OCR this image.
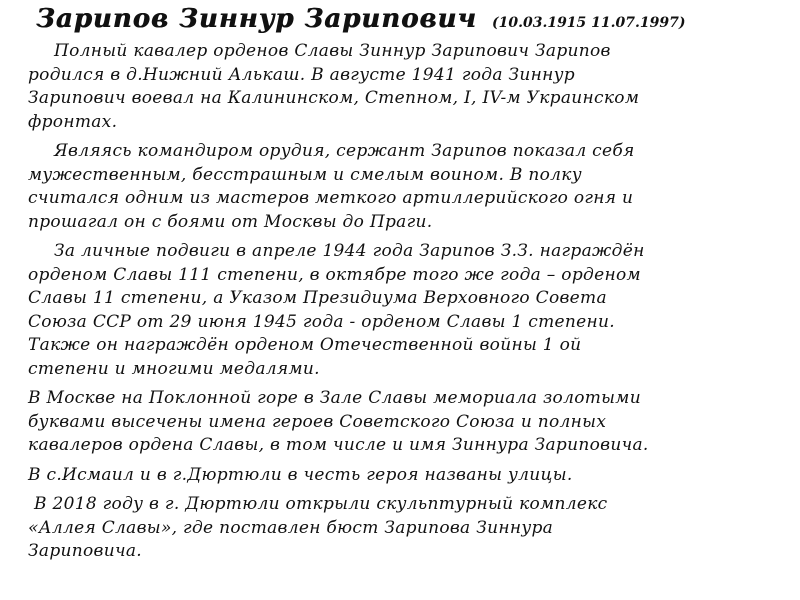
Зарипов Зиннур Зарипович (10.03.1915 11.07.1997)
Полный кавалер орденов Славы Зиннур Зарипович Зарипов
родился в д.Нижний Алькаш. В августе 1941 года Зиннур
Зарипович воевал на Калининском, Степном, I, IV-м Украинском
фронтах.
Являясь командиром орудия, сержант Зарипов показал себя
мужественным, бесстрашным и смелым воином. В полку
считался одним из мастеров меткого артиллерийского огня и
прошагал он с боями от Москвы до Праги.
За личные подвиги в апреле 1944 года Зарипов З.З. награждён
орденом Славы 111 степени, в октябре того же года – орденом
Славы 11 степени, а Указом Президиума Верховного Совета
Союза ССР от 29 июня 1945 года - орденом Славы 1 степени.
Также он награждён орденом Отечественной войны 1 ой
степени и многими медалями.
В Москве на Поклонной горе в Зале Славы мемориала золотыми
буквами высечены имена героев Советского Союза и полных
кавалеров ордена Славы, в том числе и имя Зиннура Зариповича.
В с.Исмаил и в г.Дюртюли в честь героя названы улицы.
В 2018 году в г. Дюртюли открыли скульптурный комплекс
«Аллея Славы», где поставлен бюст Зарипова Зиннура
Зариповича.
